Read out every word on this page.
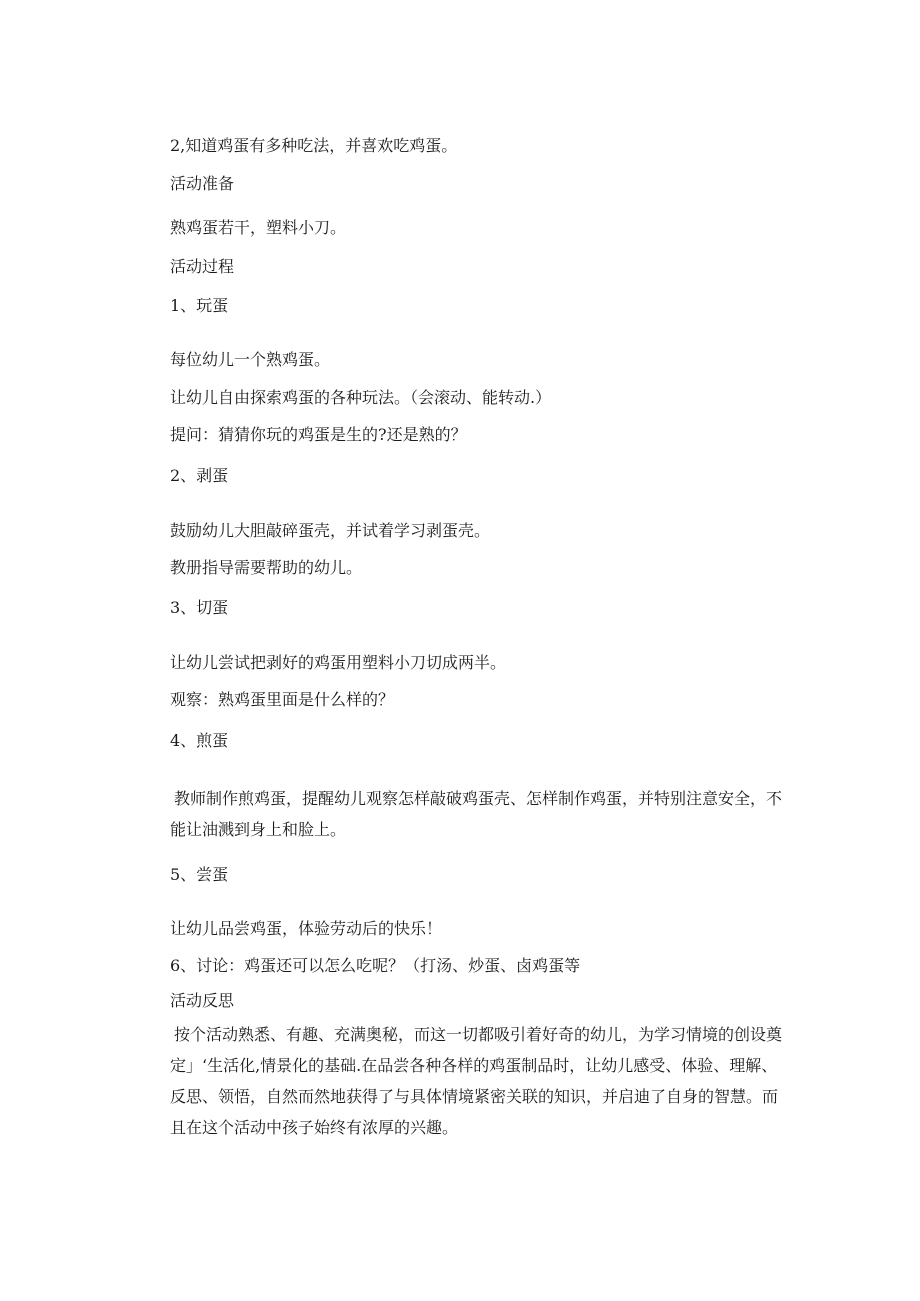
2,知道鸡蛋有多种吃法，并喜欢吃鸡蛋。

活动准备

熟鸡蛋若干，塑料小刀。

活动过程

1、玩蛋

每位幼儿一个熟鸡蛋。

让幼儿自由探索鸡蛋的各种玩法。（会滚动、能转动.）

提问：猜猜你玩的鸡蛋是生的?还是熟的？

2、剥蛋

鼓励幼儿大胆敲碎蛋壳，并试着学习剥蛋壳。

教册指导需要帮助的幼儿。

3、切蛋

让幼儿尝试把剥好的鸡蛋用塑料小刀切成两半。

观察：熟鸡蛋里面是什么样的？

4、煎蛋

教师制作煎鸡蛋，提醒幼儿观察怎样敲破鸡蛋壳、怎样制作鸡蛋，并特别注意安全，不能让油溅到身上和脸上。

5、尝蛋

让幼儿品尝鸡蛋，体验劳动后的快乐！

6、讨论：鸡蛋还可以怎么吃呢？（打汤、炒蛋、卤鸡蛋等

活动反思

按个活动熟悉、有趣、充满奥秘，而这一切都吸引着好奇的幼儿，为学习情境的创设奠定」‘生活化,情景化的基础.在品尝各种各样的鸡蛋制品时，让幼儿感受、体验、理解、反思、领悟，自然而然地获得了与具体情境紧密关联的知识，并启迪了自身的智慧。而且在这个活动中孩子始终有浓厚的兴趣。
